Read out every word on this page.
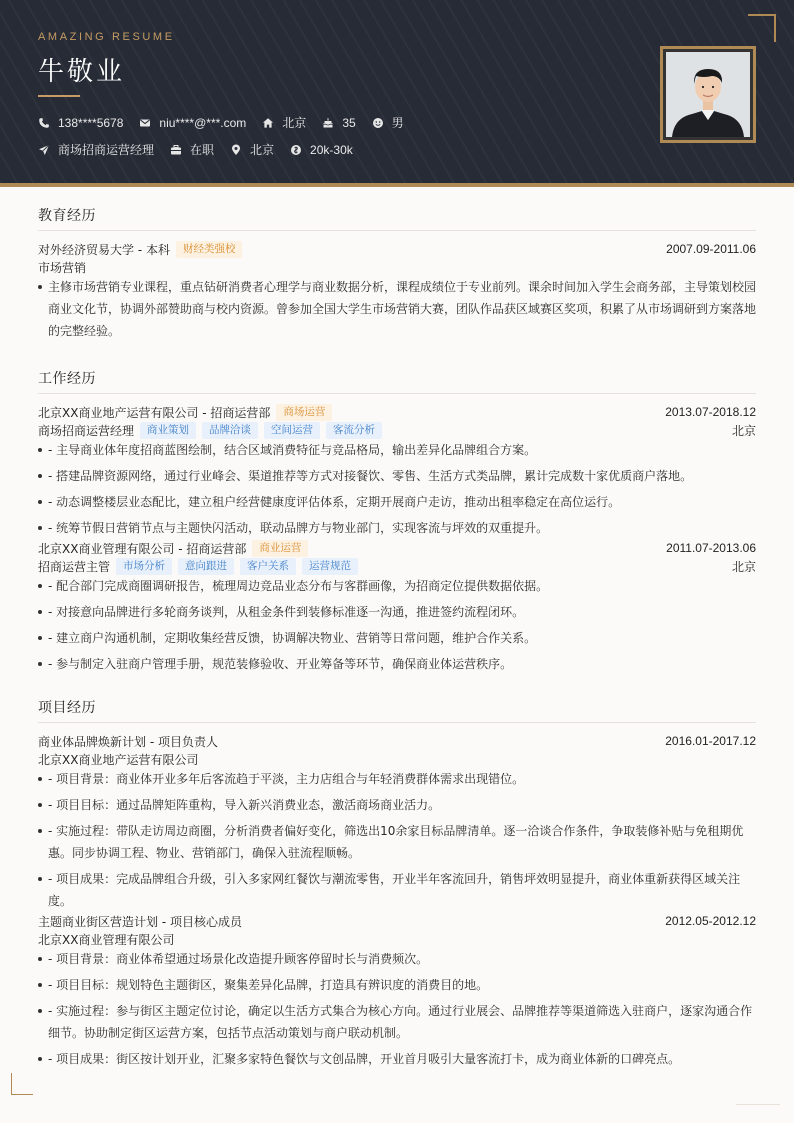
AMAZING RESUME
牛敬业
138****5678	niu****@***.com	北京	35	男
商场招商运营经理	在职	北京	20k-30k
教育经历
对外经济贸易大学 - 本科	财经类强校	2007.09-2011.06
市场营销
主修市场营销专业课程，重点钻研消费者心理学与商业数据分析，课程成绩位于专业前列。课余时间加入学生会商务部，主导策划校园商业文化节，协调外部赞助商与校内资源。曾参加全国大学生市场营销大赛，团队作品获区域赛区奖项，积累了从市场调研到方案落地的完整经验。
工作经历
北京XX商业地产运营有限公司 - 招商运营部	商场运营	2013.07-2018.12
商场招商运营经理	商业策划	品牌洽谈	空间运营	客流分析	北京
- 主导商业体年度招商蓝图绘制，结合区域消费特征与竞品格局，输出差异化品牌组合方案。
- 搭建品牌资源网络，通过行业峰会、渠道推荐等方式对接餐饮、零售、生活方式类品牌，累计完成数十家优质商户落地。
- 动态调整楼层业态配比，建立租户经营健康度评估体系，定期开展商户走访，推动出租率稳定在高位运行。
- 统筹节假日营销节点与主题快闪活动，联动品牌方与物业部门，实现客流与坪效的双重提升。
北京XX商业管理有限公司 - 招商运营部	商业运营	2011.07-2013.06
招商运营主管	市场分析	意向跟进	客户关系	运营规范	北京
- 配合部门完成商圈调研报告，梳理周边竞品业态分布与客群画像，为招商定位提供数据依据。
- 对接意向品牌进行多轮商务谈判，从租金条件到装修标准逐一沟通，推进签约流程闭环。
- 建立商户沟通机制，定期收集经营反馈，协调解决物业、营销等日常问题，维护合作关系。
- 参与制定入驻商户管理手册，规范装修验收、开业筹备等环节，确保商业体运营秩序。
项目经历
商业体品牌焕新计划 - 项目负责人	2016.01-2017.12
北京XX商业地产运营有限公司
- 项目背景：商业体开业多年后客流趋于平淡，主力店组合与年轻消费群体需求出现错位。
- 项目目标：通过品牌矩阵重构，导入新兴消费业态，激活商场商业活力。
- 实施过程：带队走访周边商圈，分析消费者偏好变化，筛选出10余家目标品牌清单。逐一洽谈合作条件，争取装修补贴与免租期优惠。同步协调工程、物业、营销部门，确保入驻流程顺畅。
- 项目成果：完成品牌组合升级，引入多家网红餐饮与潮流零售，开业半年客流回升，销售坪效明显提升，商业体重新获得区域关注度。
主题商业街区营造计划 - 项目核心成员	2012.05-2012.12
北京XX商业管理有限公司
- 项目背景：商业体希望通过场景化改造提升顾客停留时长与消费频次。
- 项目目标：规划特色主题街区，聚集差异化品牌，打造具有辨识度的消费目的地。
- 实施过程：参与街区主题定位讨论，确定以生活方式集合为核心方向。通过行业展会、品牌推荐等渠道筛选入驻商户，逐家沟通合作细节。协助制定街区运营方案，包括节点活动策划与商户联动机制。
- 项目成果：街区按计划开业，汇聚多家特色餐饮与文创品牌，开业首月吸引大量客流打卡，成为商业体新的口碑亮点。
